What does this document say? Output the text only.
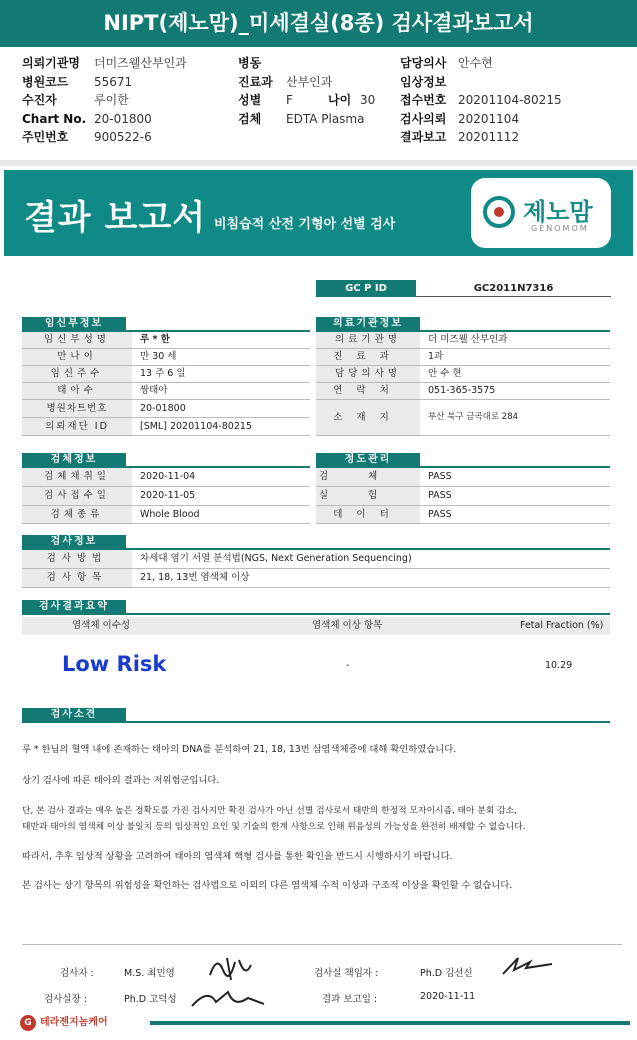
NIPT(제노맘)_미세결실(8종) 검사결과보고서
의뢰기관명 더미즈웰산부인과
병원코드 55671
수진자	루이한
Chart No. 20-01800
주민번호 900522-6
병동
진료과 산부인과
성별 F	나이 30
검체 EDTA Plasma
담당의사 안수현
임상정보
접수번호 20201104-80215
검사의뢰 20201104
결과보고 20201112
결과 보고서 비침습적 산전 기형아 선별 검사	제노맘
GENOMOM
GC P ID	GC2011N7316
임신부정보
임신부성명	루 * 한
만나이	만 30 세
임신주수	13 주 6 일
태아수	쌍태아
병원차트번호	20-01800
의뢰재단 ID	[SML] 20201104-80215
의료기관정보
의료기관명	더 미즈웰 산부인과
진료과	1과
담당의사명	안 수 현
연락처	051-365-3575
소재지	부산 북구 금곡대로 284
검체정보
검체채취일	2020-11-04
검사접수일	2020-11-05
검체종류	Whole Blood
정도관리
검체	PASS
실험	PASS
데이터	PASS
검사정보
검사방법	차세대 염기 서열 분석법(NGS, Next Generation Sequencing)
검사항목	21, 18, 13번 염색체 이상
검사결과요약
염색체 이수성	염색체 이상 항목	Fetal Fraction (%)
Low Risk	-	10.29
검사소견
루 * 한님의 혈액 내에 존재하는 태아의 DNA를 분석하여 21, 18, 13번 삼염색체증에 대해 확인하였습니다.
상기 검사에 따른 태아의 결과는 저위험군입니다.
단, 본 검사 결과는 매우 높은 정확도를 가진 검사지만 확진 검사가 아닌 선별 검사로서 태반의 한정적 모자이시즘, 태아 분회 감소,
태반과 태아의 염색체 이상 불일치 등의 임상적인 요인 및 기술의 한계 사항으로 인해 위음성의 가능성을 완전히 배제할 수 없습니다.
따라서, 추후 임상적 상황을 고려하여 태아의 염색체 핵형 검사를 통한 확인을 반드시 시행하시기 바랍니다.
본 검사는 상기 항목의 위험성을 확인하는 검사법으로 이외의 다른 염색체 수적 이상과 구조적 이상을 확인할 수 없습니다.
검사자 :	M.S. 최민영	검사실 책임자 :	Ph.D 김선신
검사실장 :	Ph.D 고덕성	결과 보고일 :	2020-11-11
G 테라젠지놈케어
